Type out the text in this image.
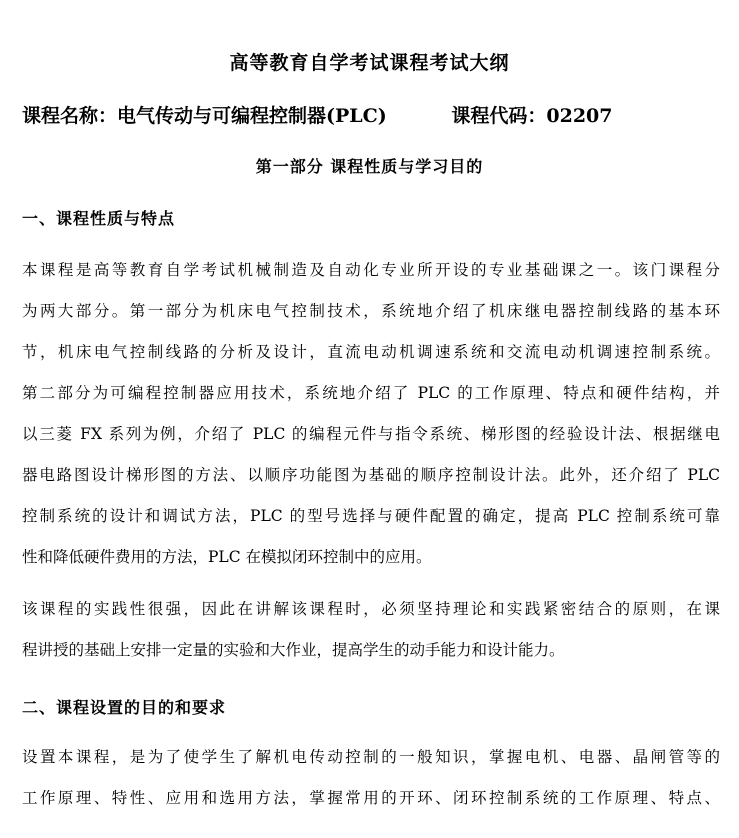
高等教育自学考试课程考试大纲
课程名称：电气传动与可编程控制器(PLC)	课程代码：02207
第一部分 课程性质与学习目的
一、课程性质与特点
本课程是高等教育自学考试机械制造及自动化专业所开设的专业基础课之一。该门课程分
为两大部分。第一部分为机床电气控制技术，系统地介绍了机床继电器控制线路的基本环
节，机床电气控制线路的分析及设计，直流电动机调速系统和交流电动机调速控制系统。
第二部分为可编程控制器应用技术，系统地介绍了 PLC 的工作原理、特点和硬件结构，并
以三菱 FX 系列为例，介绍了 PLC 的编程元件与指令系统、梯形图的经验设计法、根据继电
器电路图设计梯形图的方法、以顺序功能图为基础的顺序控制设计法。此外，还介绍了 PLC
控制系统的设计和调试方法，PLC 的型号选择与硬件配置的确定，提高 PLC 控制系统可靠
性和降低硬件费用的方法，PLC 在模拟闭环控制中的应用。
该课程的实践性很强，因此在讲解该课程时，必须坚持理论和实践紧密结合的原则，在课
程讲授的基础上安排一定量的实验和大作业，提高学生的动手能力和设计能力。
二、课程设置的目的和要求
设置本课程，是为了使学生了解机电传动控制的一般知识，掌握电机、电器、晶闸管等的
工作原理、特性、应用和选用方法，掌握常用的开环、闭环控制系统的工作原理、特点、
